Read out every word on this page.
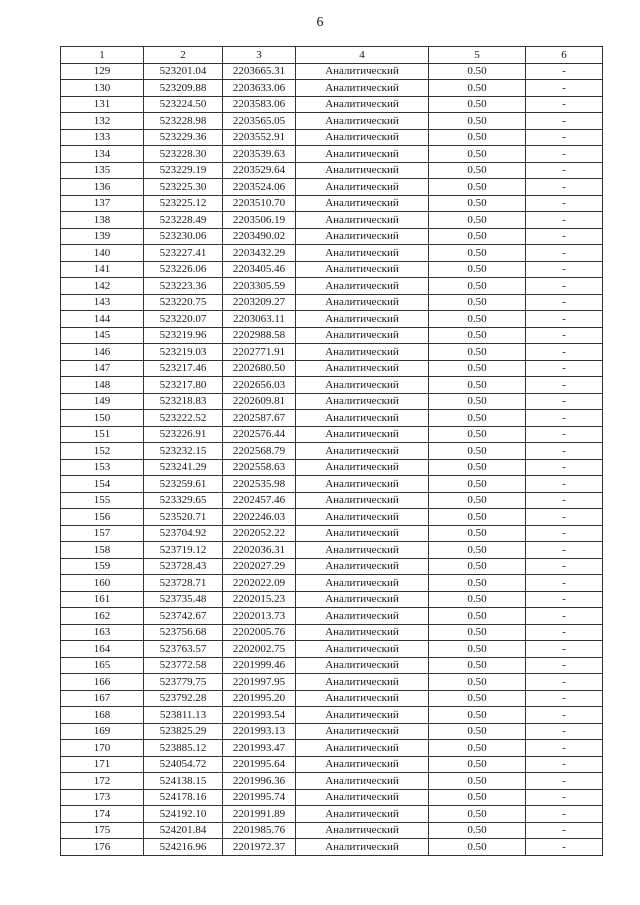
6
1	2	3	4	5	6
129	523201.04	2203665.31	Аналитический	0.50	-
130	523209.88	2203633.06	Аналитический	0.50	-
131	523224.50	2203583.06	Аналитический	0.50	-
132	523228.98	2203565.05	Аналитический	0.50	-
133	523229.36	2203552.91	Аналитический	0.50	-
134	523228.30	2203539.63	Аналитический	0.50	-
135	523229.19	2203529.64	Аналитический	0.50	-
136	523225.30	2203524.06	Аналитический	0.50	-
137	523225.12	2203510.70	Аналитический	0.50	-
138	523228.49	2203506.19	Аналитический	0.50	-
139	523230.06	2203490.02	Аналитический	0.50	-
140	523227.41	2203432.29	Аналитический	0.50	-
141	523226.06	2203405.46	Аналитический	0.50	-
142	523223.36	2203305.59	Аналитический	0.50	-
143	523220.75	2203209.27	Аналитический	0.50	-
144	523220.07	2203063.11	Аналитический	0.50	-
145	523219.96	2202988.58	Аналитический	0.50	-
146	523219.03	2202771.91	Аналитический	0.50	-
147	523217.46	2202680.50	Аналитический	0.50	-
148	523217.80	2202656.03	Аналитический	0.50	-
149	523218.83	2202609.81	Аналитический	0.50	-
150	523222.52	2202587.67	Аналитический	0.50	-
151	523226.91	2202576.44	Аналитический	0.50	-
152	523232.15	2202568.79	Аналитический	0.50	-
153	523241.29	2202558.63	Аналитический	0.50	-
154	523259.61	2202535.98	Аналитический	0.50	-
155	523329.65	2202457.46	Аналитический	0.50	-
156	523520.71	2202246.03	Аналитический	0.50	-
157	523704.92	2202052.22	Аналитический	0.50	-
158	523719.12	2202036.31	Аналитический	0.50	-
159	523728.43	2202027.29	Аналитический	0.50	-
160	523728.71	2202022.09	Аналитический	0.50	-
161	523735.48	2202015.23	Аналитический	0.50	-
162	523742.67	2202013.73	Аналитический	0.50	-
163	523756.68	2202005.76	Аналитический	0.50	-
164	523763.57	2202002.75	Аналитический	0.50	-
165	523772.58	2201999.46	Аналитический	0.50	-
166	523779.75	2201997.95	Аналитический	0.50	-
167	523792.28	2201995.20	Аналитический	0.50	-
168	523811.13	2201993.54	Аналитический	0.50	-
169	523825.29	2201993.13	Аналитический	0.50	-
170	523885.12	2201993.47	Аналитический	0.50	-
171	524054.72	2201995.64	Аналитический	0.50	-
172	524138.15	2201996.36	Аналитический	0.50	-
173	524178.16	2201995.74	Аналитический	0.50	-
174	524192.10	2201991.89	Аналитический	0.50	-
175	524201.84	2201985.76	Аналитический	0.50	-
176	524216.96	2201972.37	Аналитический	0.50	-
